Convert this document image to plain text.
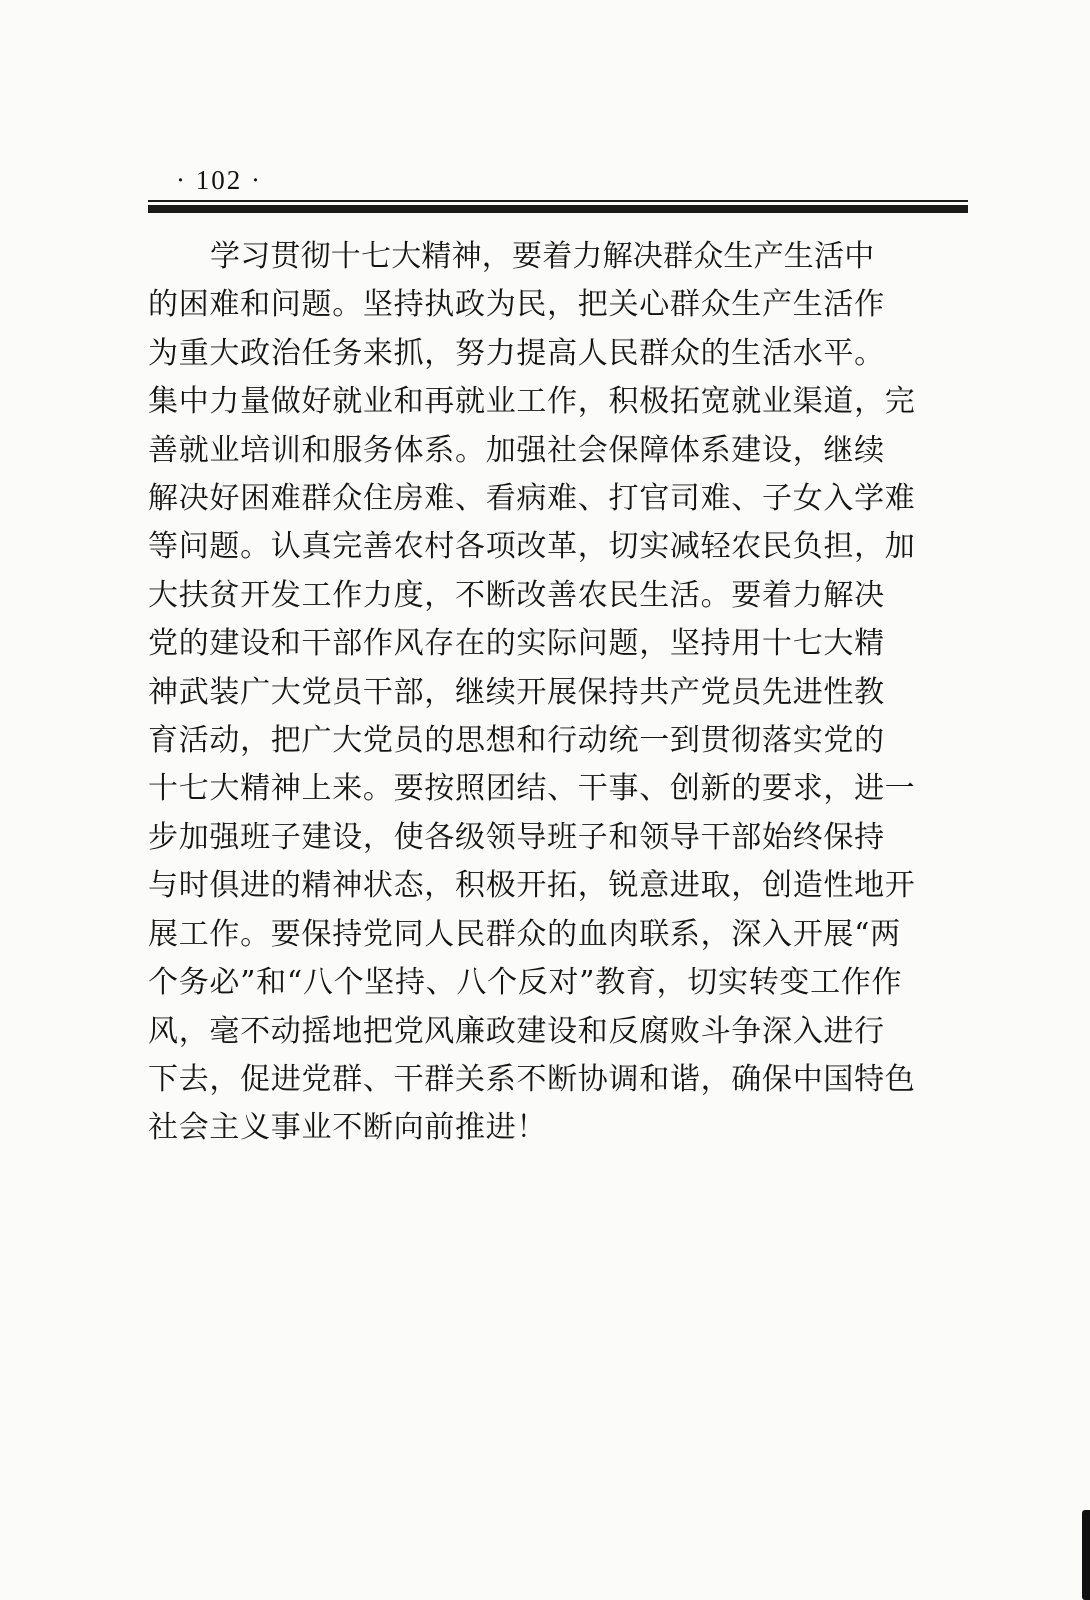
· 102 ·
学习贯彻十七大精神，要着力解决群众生产生活中
的困难和问题。坚持执政为民，把关心群众生产生活作
为重大政治任务来抓，努力提高人民群众的生活水平。
集中力量做好就业和再就业工作，积极拓宽就业渠道，完
善就业培训和服务体系。加强社会保障体系建设，继续
解决好困难群众住房难、看病难、打官司难、子女入学难
等问题。认真完善农村各项改革，切实减轻农民负担，加
大扶贫开发工作力度，不断改善农民生活。要着力解决
党的建设和干部作风存在的实际问题，坚持用十七大精
神武装广大党员干部，继续开展保持共产党员先进性教
育活动，把广大党员的思想和行动统一到贯彻落实党的
十七大精神上来。要按照团结、干事、创新的要求，进一
步加强班子建设，使各级领导班子和领导干部始终保持
与时俱进的精神状态，积极开拓，锐意进取，创造性地开
展工作。要保持党同人民群众的血肉联系，深入开展“两
个务必”和“八个坚持、八个反对”教育，切实转变工作作
风，毫不动摇地把党风廉政建设和反腐败斗争深入进行
下去，促进党群、干群关系不断协调和谐，确保中国特色
社会主义事业不断向前推进！
